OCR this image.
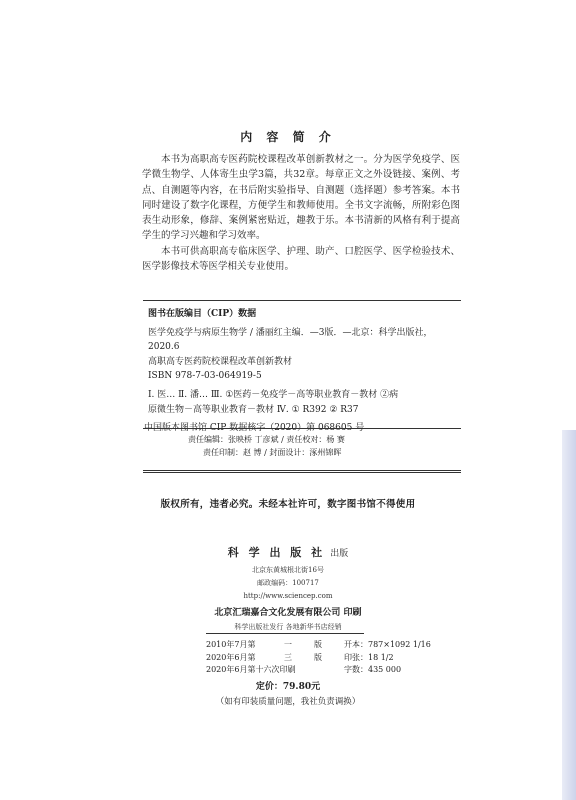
内 容 简 介

本书为高职高专医药院校课程改革创新教材之一。分为医学免疫学、医学微生物学、人体寄生虫学3篇，共32章。每章正文之外设链接、案例、考点、自测题等内容，在书后附实验指导、自测题（选择题）参考答案。本书同时建设了数字化课程，方便学生和教师使用。全书文字流畅，所附彩色图表生动形象，修辞、案例紧密贴近，趣教于乐。本书清新的风格有利于提高学生的学习兴趣和学习效率。

本书可供高职高专临床医学、护理、助产、口腔医学、医学检验技术、医学影像技术等医学相关专业使用。

图书在版编目（CIP）数据
医学免疫学与病原生物学 / 潘丽红主编．—3版．—北京：科学出版社，
2020.6
高职高专医药院校课程改革创新教材
ISBN 978-7-03-064919-5
Ⅰ. 医… Ⅱ. 潘… Ⅲ. ①医药－免疫学－高等职业教育－教材 ②病
原微生物－高等职业教育－教材 Ⅳ. ① R392 ② R37
中国版本图书馆 CIP 数据核字（2020）第 068605 号
责任编辑：张映桥 丁彦斌 / 责任校对：杨 赛
责任印制：赵 博 / 封面设计：涿州锦晖
版权所有，违者必究。未经本社许可，数字图书馆不得使用
科 学 出 版 社 出版
北京东黄城根北街16号
邮政编码：100717
http://www.sciencep.com
北京汇瑞嘉合文化发展有限公司 印刷
科学出版社发行 各地新华书店经销
2010年7月第	一	版	开本：787×1092 1/16
2020年6月第	三	版	印张：18 1/2
2020年6月第十六次印刷	字数：435 000
定价：79.80元
（如有印装质量问题，我社负责调换）
